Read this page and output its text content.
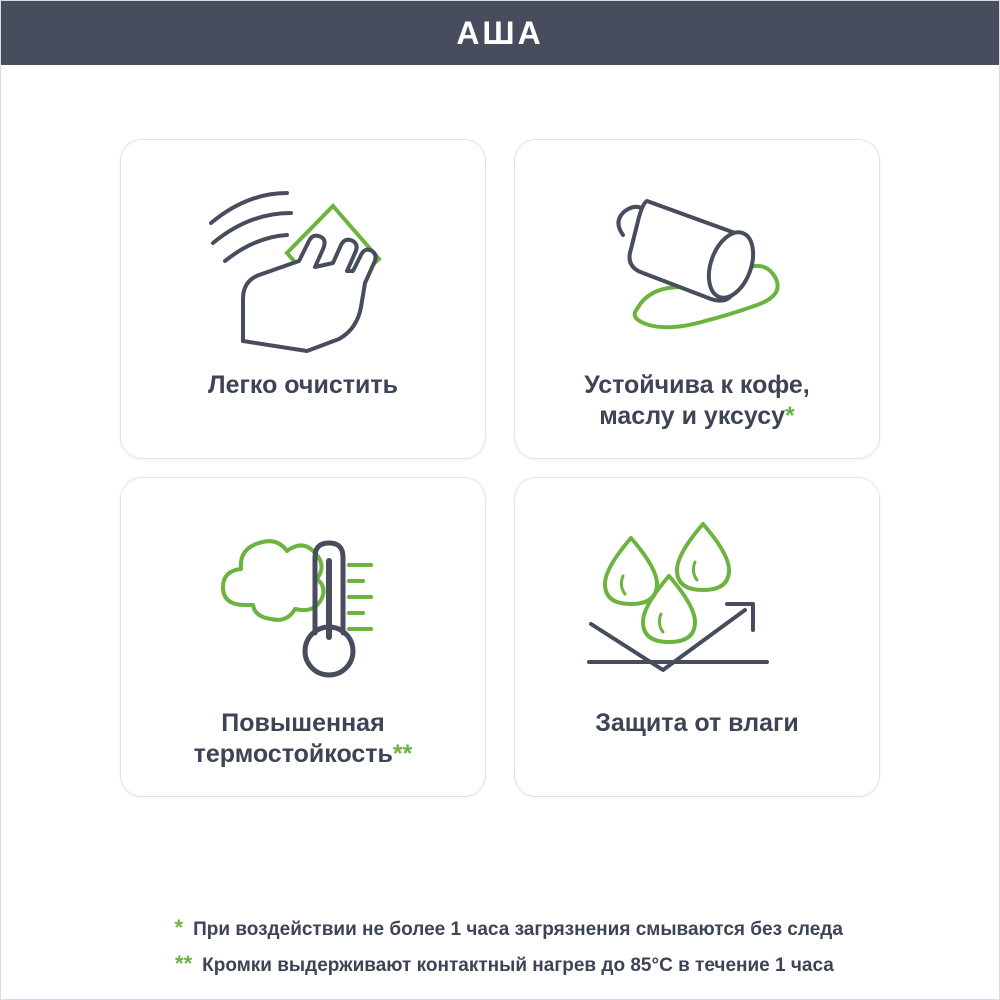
АША
Легко очистить	Устойчива к кофе,
маслу и уксусу*
Повышенная
термостойкость**
Защита от влаги
* При воздействии не более 1 часа загрязнения смываются без следа
** Кромки выдерживают контактный нагрев до 85°С в течение 1 часа
